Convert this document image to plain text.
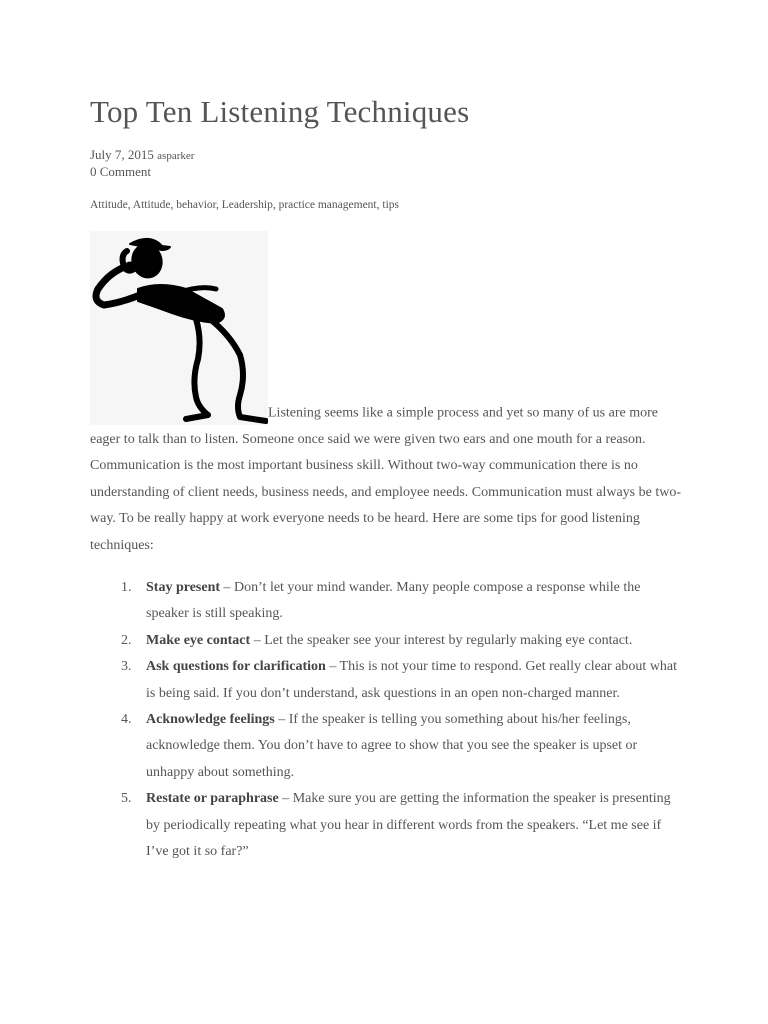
Top Ten Listening Techniques
July 7, 2015 asparker
0 Comment
Attitude, Attitude, behavior, Leadership, practice management, tips
Listening seems like a simple process and yet so many of us are more eager to talk than to listen. Someone once said we were given two ears and one mouth for a reason. Communication is the most important business skill. Without two-way communication there is no understanding of client needs, business needs, and employee needs. Communication must always be two-way. To be really happy at work everyone needs to be heard. Here are some tips for good listening techniques:
1. Stay present – Don’t let your mind wander. Many people compose a response while the speaker is still speaking.
2. Make eye contact – Let the speaker see your interest by regularly making eye contact.
3. Ask questions for clarification – This is not your time to respond. Get really clear about what is being said. If you don’t understand, ask questions in an open non-charged manner.
4. Acknowledge feelings – If the speaker is telling you something about his/her feelings, acknowledge them. You don’t have to agree to show that you see the speaker is upset or unhappy about something.
5. Restate or paraphrase – Make sure you are getting the information the speaker is presenting by periodically repeating what you hear in different words from the speakers. “Let me see if I’ve got it so far?”
